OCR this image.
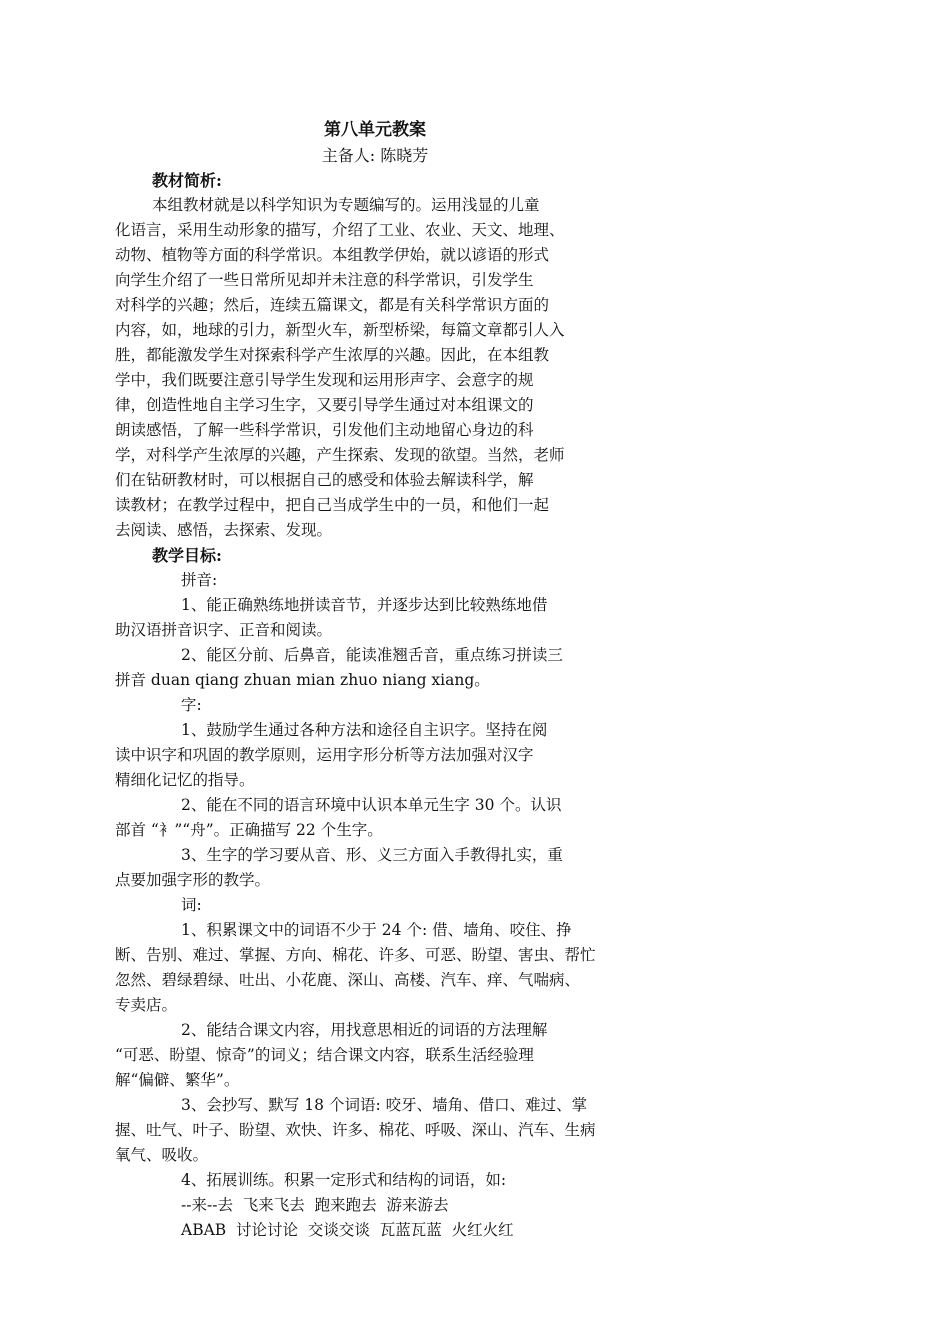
第八单元教案
主备人: 陈晓芳
教材简析:
本组教材就是以科学知识为专题编写的。运用浅显的儿童
化语言，采用生动形象的描写，介绍了工业、农业、天文、地理、
动物、植物等方面的科学常识。本组教学伊始，就以谚语的形式
向学生介绍了一些日常所见却并未注意的科学常识，引发学生
对科学的兴趣；然后，连续五篇课文，都是有关科学常识方面的
内容，如，地球的引力，新型火车，新型桥梁，每篇文章都引人入
胜，都能激发学生对探索科学产生浓厚的兴趣。因此，在本组教
学中，我们既要注意引导学生发现和运用形声字、会意字的规
律，创造性地自主学习生字，又要引导学生通过对本组课文的
朗读感悟，了解一些科学常识，引发他们主动地留心身边的科
学，对科学产生浓厚的兴趣，产生探索、发现的欲望。当然，老师
们在钻研教材时，可以根据自己的感受和体验去解读科学，解
读教材；在教学过程中，把自己当成学生中的一员，和他们一起
去阅读、感悟，去探索、发现。
教学目标:
拼音:
1、能正确熟练地拼读音节，并逐步达到比较熟练地借
助汉语拼音识字、正音和阅读。
2、能区分前、后鼻音，能读准翘舌音，重点练习拼读三
拼音 duan qiang zhuan mian zhuo niang xiang。
字:
1、鼓励学生通过各种方法和途径自主识字。坚持在阅
读中识字和巩固的教学原则，运用字形分析等方法加强对汉字
精细化记忆的指导。
2、能在不同的语言环境中认识本单元生字 30 个。认识
部首 “衤”“舟”。正确描写 22 个生字。
3、生字的学习要从音、形、义三方面入手教得扎实，重
点要加强字形的教学。
词:
1、积累课文中的词语不少于 24 个: 借、墙角、咬住、挣
断、告别、难过、掌握、方向、棉花、许多、可恶、盼望、害虫、帮忙
忽然、碧绿碧绿、吐出、小花鹿、深山、高楼、汽车、痒、气喘病、
专卖店。
2、能结合课文内容，用找意思相近的词语的方法理解
“可恶、盼望、惊奇”的词义；结合课文内容，联系生活经验理
解“偏僻、繁华”。
3、会抄写、默写 18 个词语: 咬牙、墙角、借口、难过、掌
握、吐气、叶子、盼望、欢快、许多、棉花、呼吸、深山、汽车、生病
氧气、吸收。
4、拓展训练。积累一定形式和结构的词语，如:
--来--去  飞来飞去  跑来跑去  游来游去
ABAB  讨论讨论  交谈交谈  瓦蓝瓦蓝  火红火红
